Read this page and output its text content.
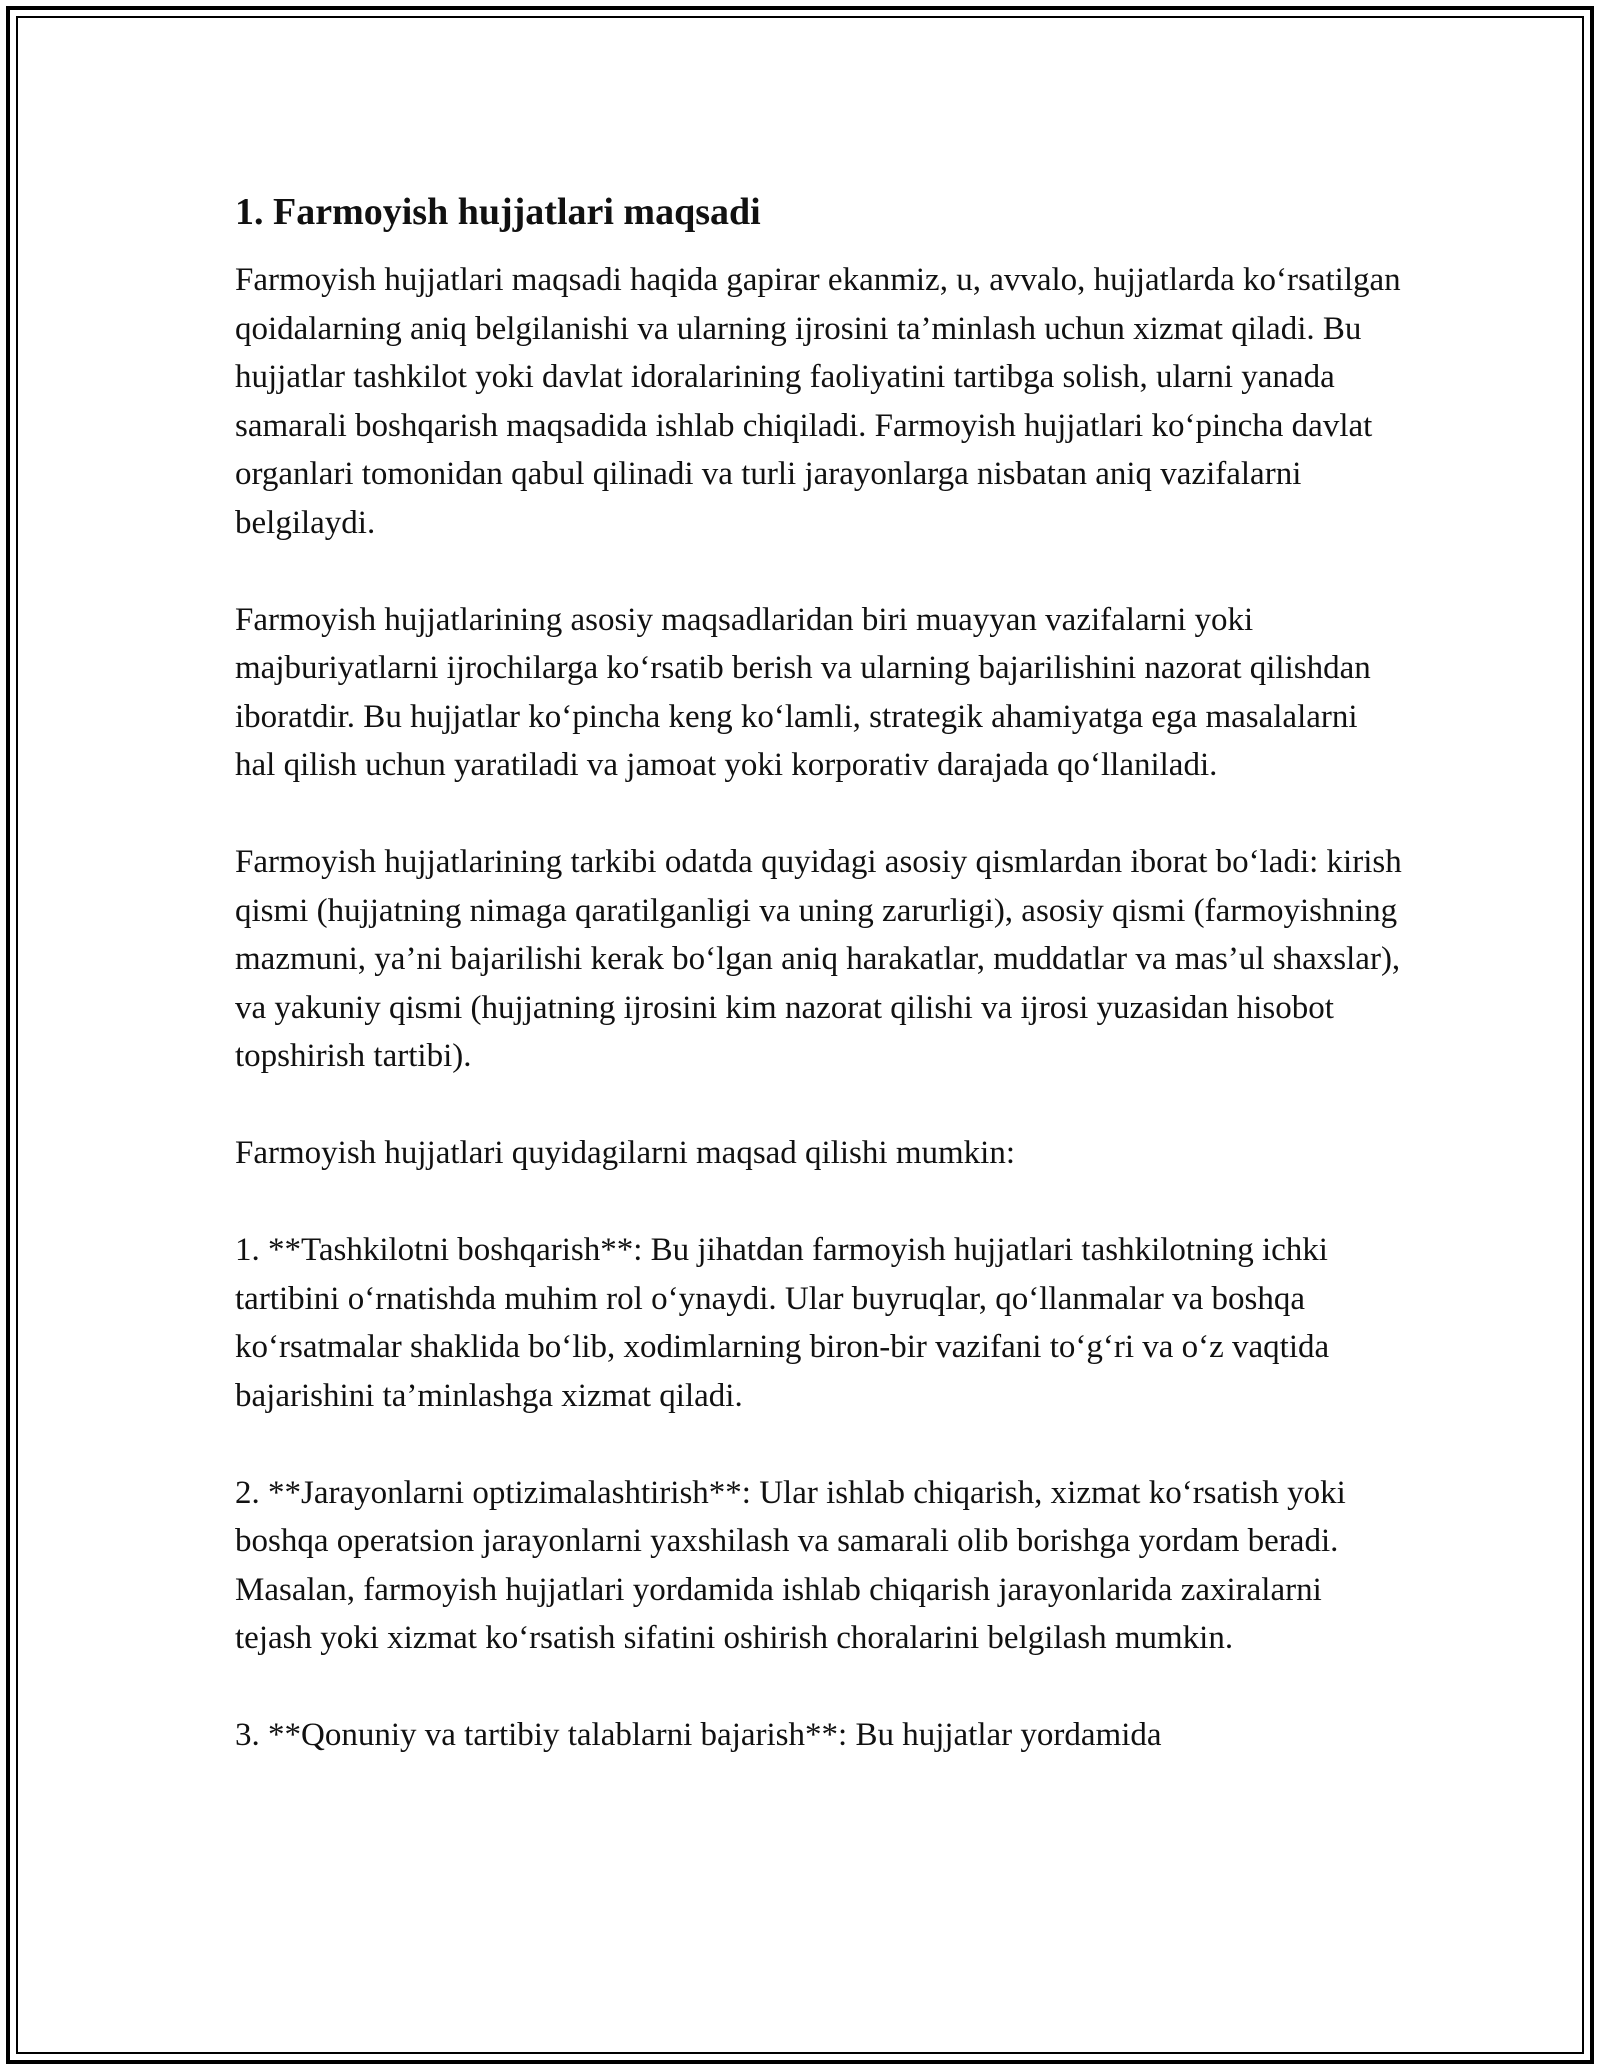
1. Farmoyish hujjatlari maqsadi
Farmoyish hujjatlari maqsadi haqida gapirar ekanmiz, u, avvalo, hujjatlarda ko‘rsatilgan qoidalarning aniq belgilanishi va ularning ijrosini ta’minlash uchun xizmat qiladi. Bu hujjatlar tashkilot yoki davlat idoralarining faoliyatini tartibga solish, ularni yanada samarali boshqarish maqsadida ishlab chiqiladi. Farmoyish hujjatlari ko‘pincha davlat organlari tomonidan qabul qilinadi va turli jarayonlarga nisbatan aniq vazifalarni belgilaydi.
Farmoyish hujjatlarining asosiy maqsadlaridan biri muayyan vazifalarni yoki majburiyatlarni ijrochilarga ko‘rsatib berish va ularning bajarilishini nazorat qilishdan iboratdir. Bu hujjatlar ko‘pincha keng ko‘lamli, strategik ahamiyatga ega masalalarni hal qilish uchun yaratiladi va jamoat yoki korporativ darajada qo‘llaniladi.
Farmoyish hujjatlarining tarkibi odatda quyidagi asosiy qismlardan iborat bo‘ladi: kirish qismi (hujjatning nimaga qaratilganligi va uning zarurligi), asosiy qismi (farmoyishning mazmuni, ya’ni bajarilishi kerak bo‘lgan aniq harakatlar, muddatlar va mas’ul shaxslar), va yakuniy qismi (hujjatning ijrosini kim nazorat qilishi va ijrosi yuzasidan hisobot topshirish tartibi).
Farmoyish hujjatlari quyidagilarni maqsad qilishi mumkin:
1. **Tashkilotni boshqarish**: Bu jihatdan farmoyish hujjatlari tashkilotning ichki tartibini o‘rnatishda muhim rol o‘ynaydi. Ular buyruqlar, qo‘llanmalar va boshqa ko‘rsatmalar shaklida bo‘lib, xodimlarning biron-bir vazifani to‘g‘ri va o‘z vaqtida bajarishini ta’minlashga xizmat qiladi.
2. **Jarayonlarni optizimalashtirish**: Ular ishlab chiqarish, xizmat ko‘rsatish yoki boshqa operatsion jarayonlarni yaxshilash va samarali olib borishga yordam beradi. Masalan, farmoyish hujjatlari yordamida ishlab chiqarish jarayonlarida zaxiralarni tejash yoki xizmat ko‘rsatish sifatini oshirish choralarini belgilash mumkin.
3. **Qonuniy va tartibiy talablarni bajarish**: Bu hujjatlar yordamida
